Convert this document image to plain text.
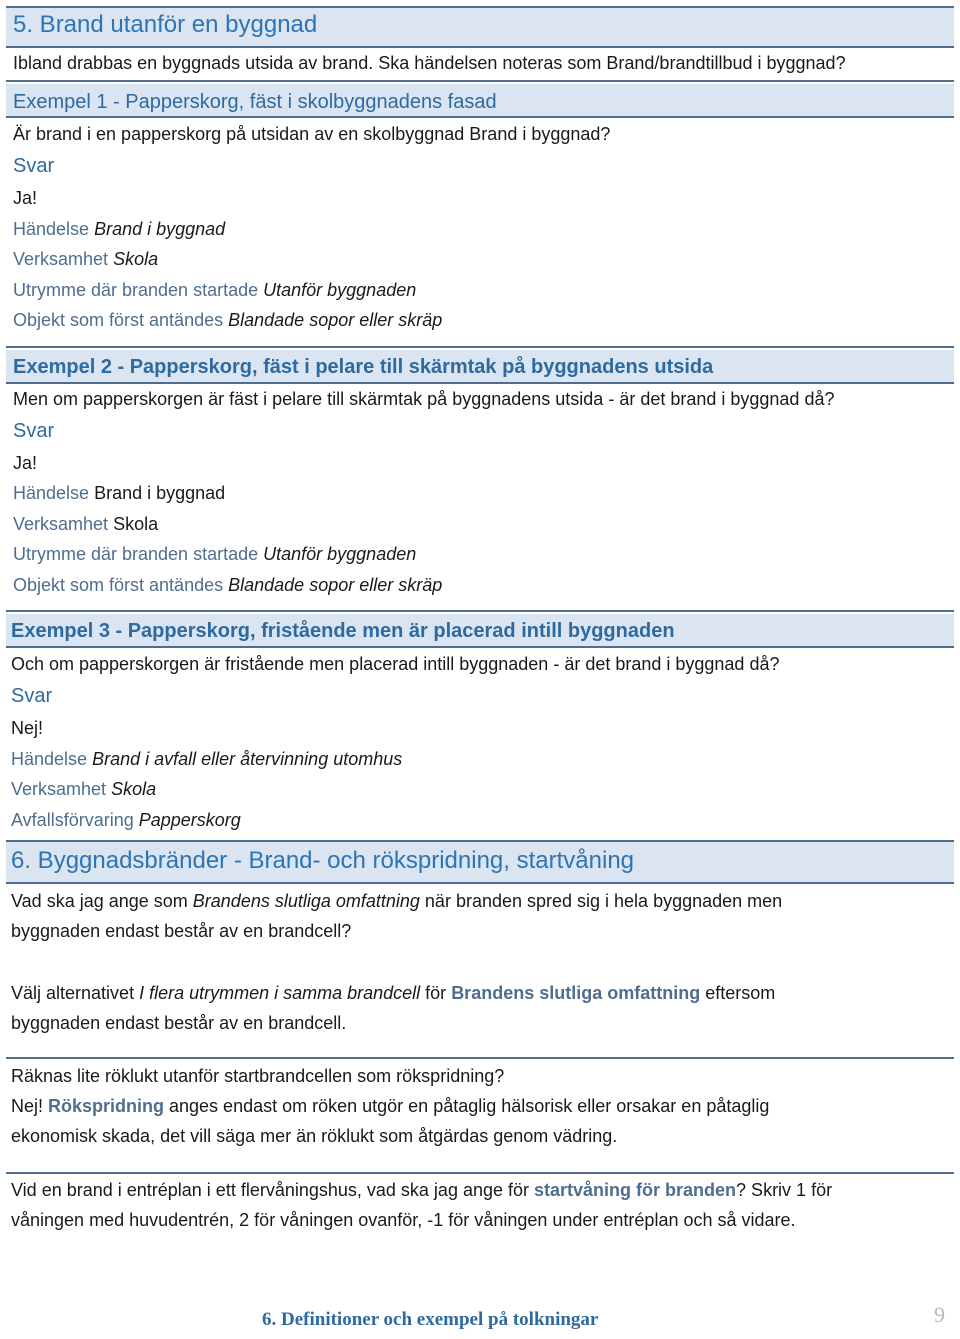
5. Brand utanför en byggnad
Ibland drabbas en byggnads utsida av brand. Ska händelsen noteras som Brand/brandtillbud i byggnad?
Exempel 1 - Papperskorg, fäst i skolbyggnadens fasad
Är brand i en papperskorg på utsidan av en skolbyggnad Brand i byggnad?
Svar
Ja!
Händelse Brand i byggnad
Verksamhet Skola
Utrymme där branden startade Utanför byggnaden
Objekt som först antändes Blandade sopor eller skräp
Exempel 2 - Papperskorg, fäst i pelare till skärmtak på byggnadens utsida
Men om papperskorgen är fäst i pelare till skärmtak på byggnadens utsida - är det brand i byggnad då?
Svar
Ja!
Händelse Brand i byggnad
Verksamhet Skola
Utrymme där branden startade Utanför byggnaden
Objekt som först antändes Blandade sopor eller skräp
Exempel 3 - Papperskorg, fristående men är placerad intill byggnaden
Och om papperskorgen är fristående men placerad intill byggnaden - är det brand i byggnad då?
Svar
Nej!
Händelse Brand i avfall eller återvinning utomhus
Verksamhet Skola
Avfallsförvaring Papperskorg
6. Byggnadsbränder - Brand- och rökspridning, startvåning
Vad ska jag ange som Brandens slutliga omfattning när branden spred sig i hela byggnaden men
byggnaden endast består av en brandcell?
Välj alternativet I flera utrymmen i samma brandcell för Brandens slutliga omfattning eftersom
byggnaden endast består av en brandcell.
Räknas lite röklukt utanför startbrandcellen som rökspridning?
Nej! Rökspridning anges endast om röken utgör en påtaglig hälsorisk eller orsakar en påtaglig
ekonomisk skada, det vill säga mer än röklukt som åtgärdas genom vädring.
Vid en brand i entréplan i ett flervåningshus, vad ska jag ange för startvåning för branden? Skriv 1 för
våningen med huvudentrén, 2 för våningen ovanför, -1 för våningen under entréplan och så vidare.
6. Definitioner och exempel på tolkningar	9
